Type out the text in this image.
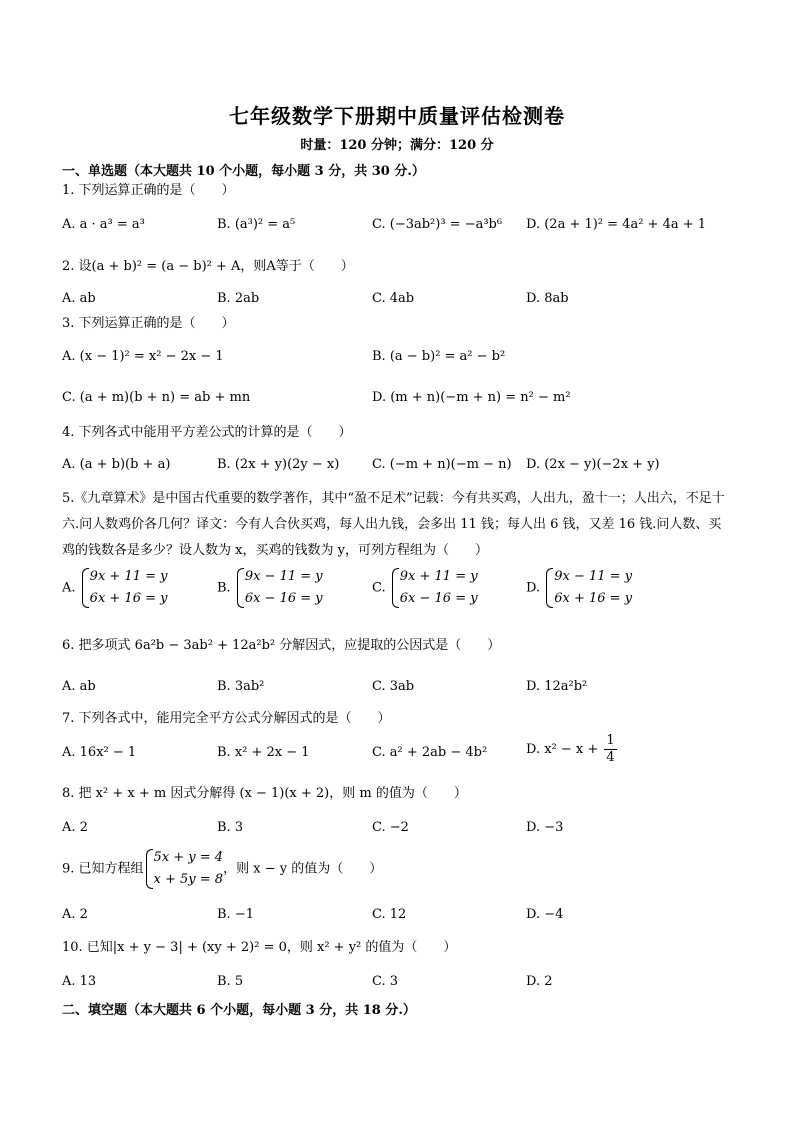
七年级数学下册期中质量评估检测卷
时量：120 分钟；满分：120 分
一、单选题（本大题共 10 个小题，每小题 3 分，共 30 分.）
1. 下列运算正确的是（　　）
A. a · a³ = a³	B. (a³)² = a⁵	C. (−3ab²)³ = −a³b⁶ D. (2a + 1)² = 4a² + 4a + 1
2. 设(a + b)² = (a − b)² + A，则A等于（　　）
A. ab	B. 2ab	C. 4ab	D. 8ab
3. 下列运算正确的是（　　）
A. (x − 1)² = x² − 2x − 1	B. (a − b)² = a² − b²
C. (a + m)(b + n) = ab + mn	D. (m + n)(−m + n) = n² − m²
4. 下列各式中能用平方差公式的计算的是（　　）
A. (a + b)(b + a)	B. (2x + y)(2y − x)	C. (−m + n)(−m − n) D. (2x − y)(−2x + y)
5.《九章算术》是中国古代重要的数学著作，其中“盈不足术”记载：今有共买鸡，人出九，盈十一；人出六，不足十六.问人数鸡价各几何？译文：今有人合伙买鸡，每人出九钱，会多出 11 钱；每人出 6 钱，又差 16 钱.问人数、买鸡的钱数各是多少？设人数为 x，买鸡的钱数为 y，可列方程组为（　　）
A.
9x + 11 = y
6x + 16 = y
B.
9x − 11 = y
6x − 16 = y
C.
9x + 11 = y
6x − 16 = y
D.
9x − 11 = y
6x + 16 = y
6. 把多项式 6a²b − 3ab² + 12a²b² 分解因式，应提取的公因式是（　　）
A. ab	B. 3ab²	C. 3ab	D. 12a²b²
7. 下列各式中，能用完全平方公式分解因式的是（　　）
A. 16x² − 1	B. x² + 2x − 1	C. a² + 2ab − 4b²	D. $x^2 - x + \frac{1}{4}$
8. 把 x² + x + m 因式分解得 (x − 1)(x + 2)，则 m 的值为（　　）
A. 2	B. 3	C. −2	D. −3
9. 已知方程组
5x + y = 4
x + 5y = 8
，则 x − y 的值为（　　）
A. 2	B. −1	C. 12	D. −4
10. 已知|x + y − 3| + (xy + 2)² = 0，则 x² + y² 的值为（　　）
A. 13	B. 5	C. 3	D. 2
二、填空题（本大题共 6 个小题，每小题 3 分，共 18 分.）
